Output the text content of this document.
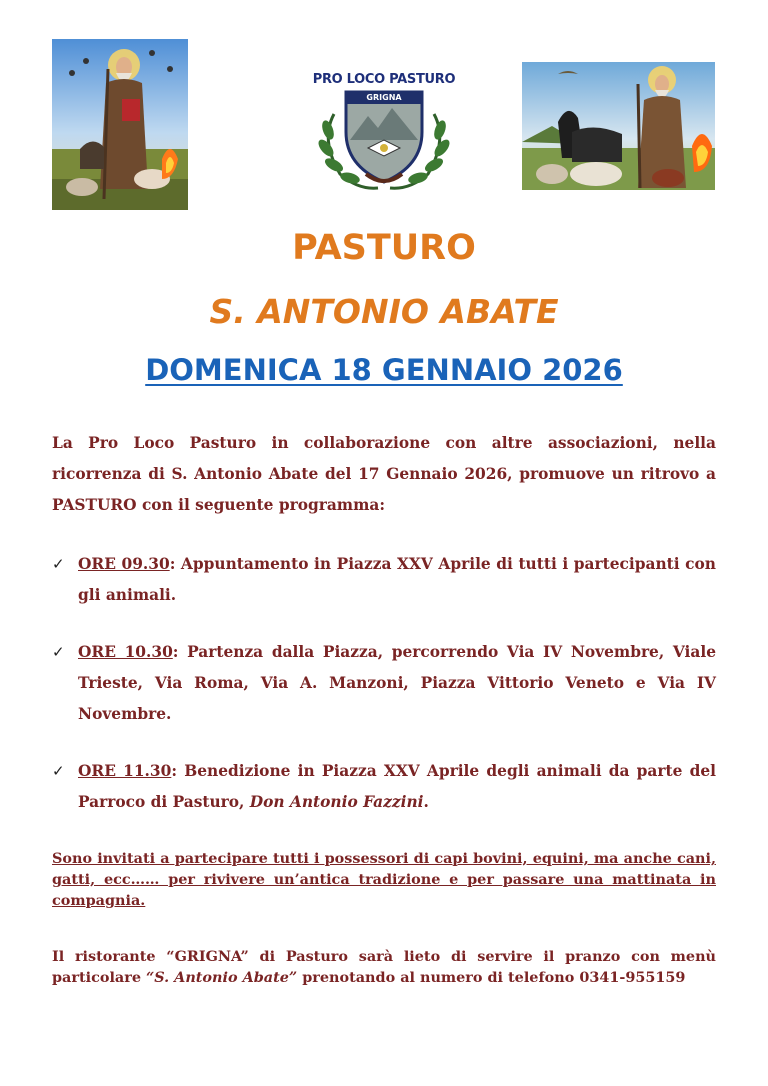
PRO LOCO PASTURO
GRIGNA
PASTURO
S. ANTONIO ABATE
DOMENICA 18 GENNAIO 2026
La Pro Loco Pasturo in collaborazione con altre associazioni, nella ricorrenza di S. Antonio Abate del 17 Gennaio 2026, promuove un ritrovo a PASTURO con il seguente programma:
✓ ORE 09.30: Appuntamento in Piazza XXV Aprile di tutti i partecipanti con gli animali.
✓ ORE 10.30: Partenza dalla Piazza, percorrendo Via IV Novembre, Viale Trieste, Via Roma, Via A. Manzoni, Piazza Vittorio Veneto e Via IV Novembre.
✓ ORE 11.30: Benedizione in Piazza XXV Aprile degli animali da parte del Parroco di Pasturo, Don Antonio Fazzini.
Sono invitati a partecipare tutti i possessori di capi bovini, equini, ma anche cani, gatti, ecc…… per rivivere un’antica tradizione e per passare una mattinata in compagnia.
Il ristorante “GRIGNA” di Pasturo sarà lieto di servire il pranzo con menù particolare “S. Antonio Abate” prenotando al numero di telefono 0341-955159
